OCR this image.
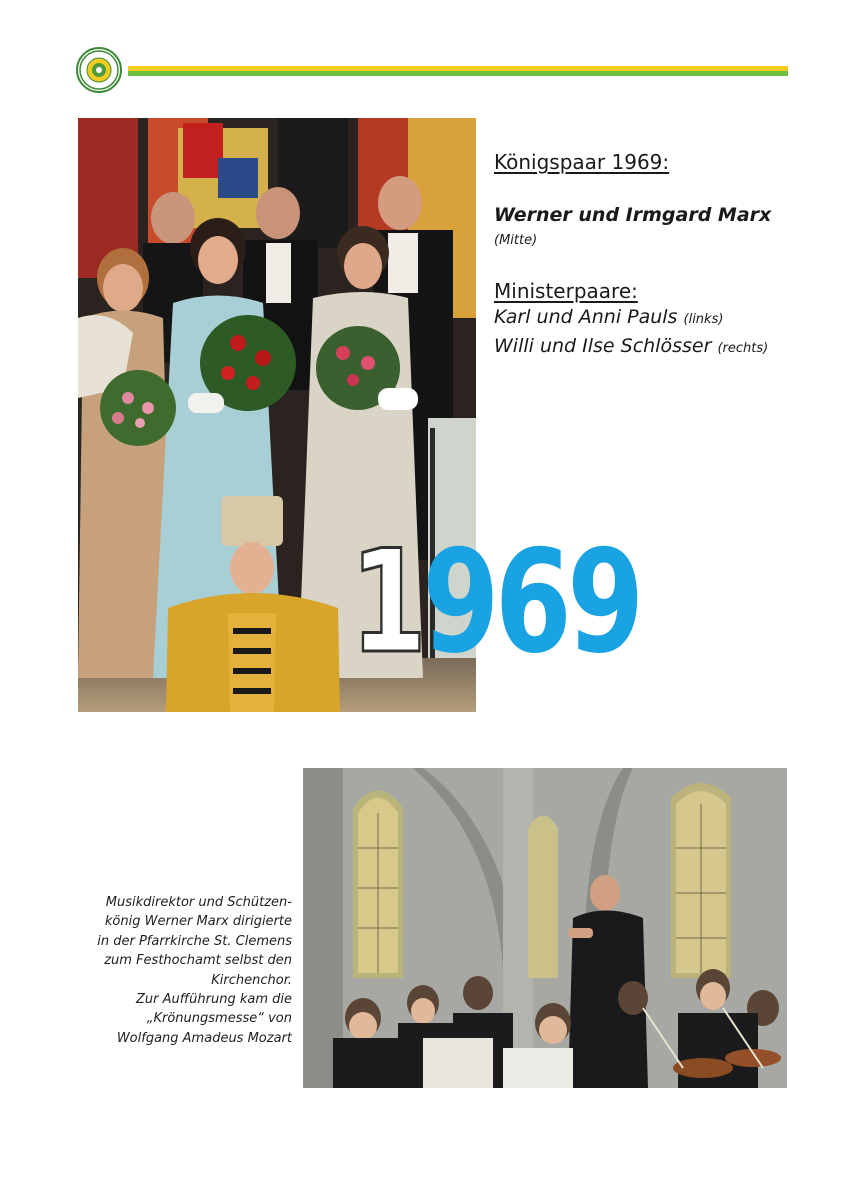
Königspaar 1969:
Werner und Irmgard Marx
(Mitte)
Ministerpaare:
Karl und Anni Pauls (links)
Willi und Ilse Schlösser (rechts)
1969
Musikdirektor und Schützen-
könig Werner Marx dirigierte
in der Pfarrkirche St. Clemens
zum Festhochamt selbst den
Kirchenchor.
Zur Aufführung kam die
„Krönungsmesse“ von
Wolfgang Amadeus Mozart
